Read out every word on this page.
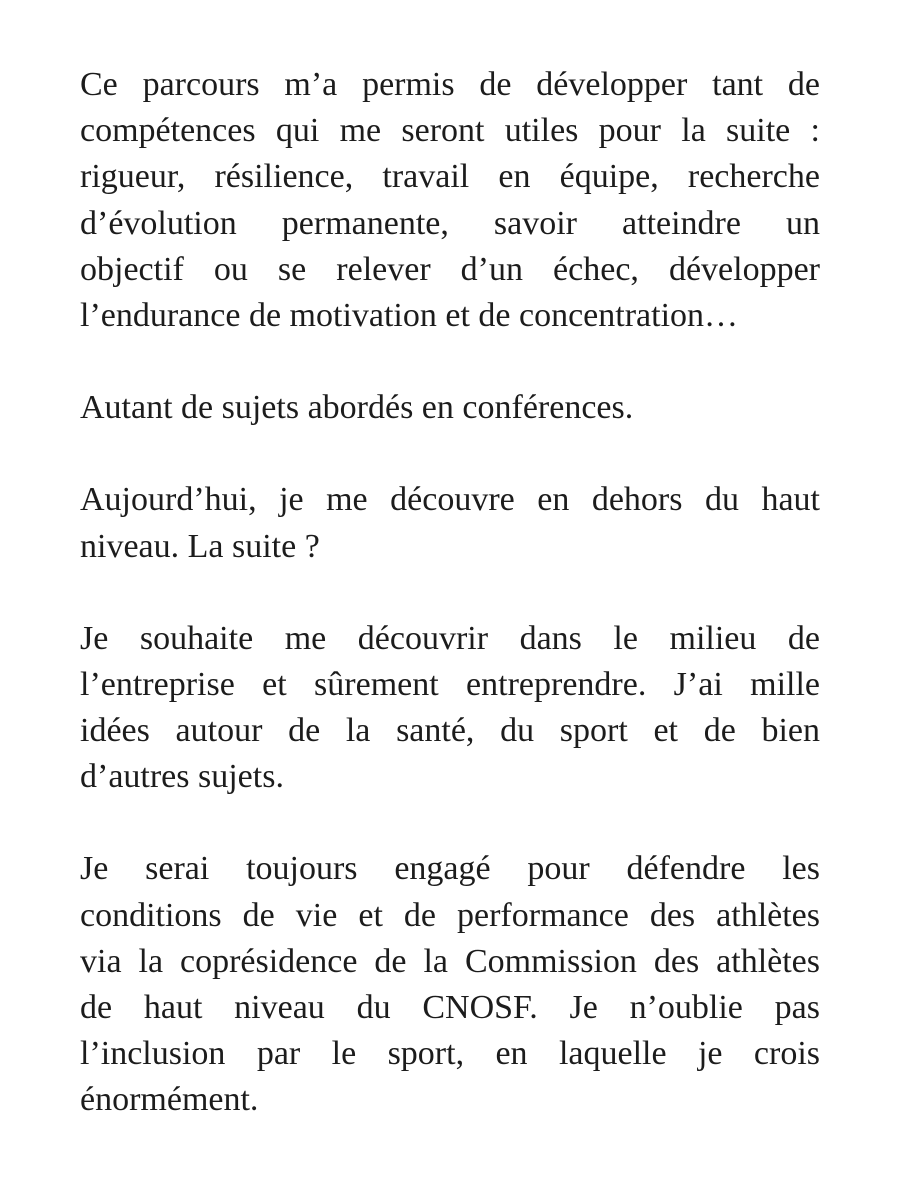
Ce parcours m’a permis de développer tant de
compétences qui me seront utiles pour la suite :
rigueur, résilience, travail en équipe, recherche
d’évolution permanente, savoir atteindre un
objectif ou se relever d’un échec, développer
l’endurance de motivation et de concentration…
Autant de sujets abordés en conférences.
Aujourd’hui, je me découvre en dehors du haut
niveau. La suite ?
Je souhaite me découvrir dans le milieu de
l’entreprise et sûrement entreprendre. J’ai mille
idées autour de la santé, du sport et de bien
d’autres sujets.
Je serai toujours engagé pour défendre les
conditions de vie et de performance des athlètes
via la coprésidence de la Commission des athlètes
de haut niveau du CNOSF. Je n’oublie pas
l’inclusion par le sport, en laquelle je crois
énormément.
